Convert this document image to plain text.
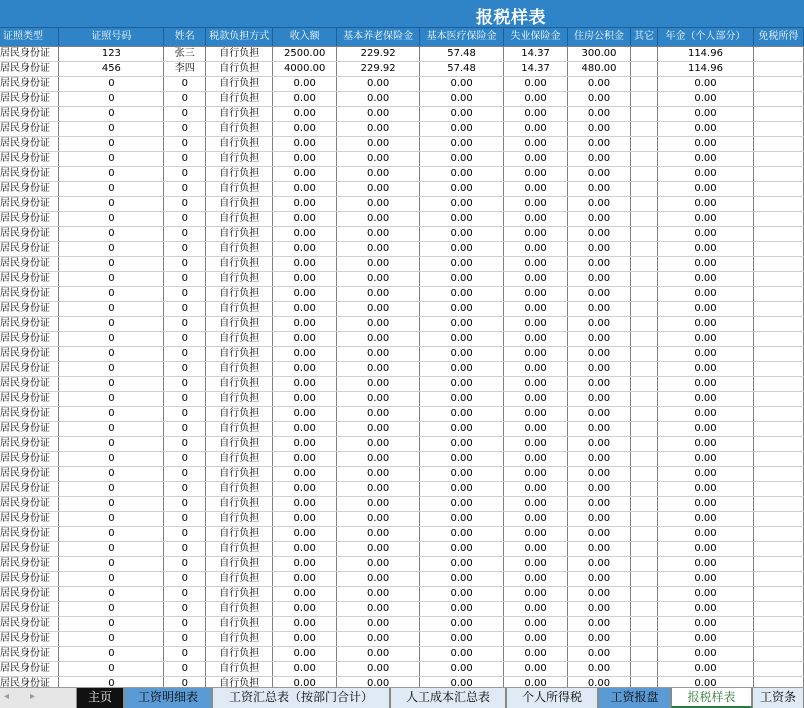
报税样表
证照类型	证照号码	姓名	税款负担方式	收入额	基本养老保险金	基本医疗保险金	失业保险金	住房公积金	其它	年金（个人部分）	免税所得
居民身份证	123	张三	自行负担	2500.00	229.92	57.48	14.37	300.00		114.96	
居民身份证	456	李四	自行负担	4000.00	229.92	57.48	14.37	480.00		114.96	
居民身份证	0	0	自行负担	0.00	0.00	0.00	0.00	0.00		0.00	
居民身份证	0	0	自行负担	0.00	0.00	0.00	0.00	0.00		0.00	
居民身份证	0	0	自行负担	0.00	0.00	0.00	0.00	0.00		0.00	
居民身份证	0	0	自行负担	0.00	0.00	0.00	0.00	0.00		0.00	
居民身份证	0	0	自行负担	0.00	0.00	0.00	0.00	0.00		0.00	
居民身份证	0	0	自行负担	0.00	0.00	0.00	0.00	0.00		0.00	
居民身份证	0	0	自行负担	0.00	0.00	0.00	0.00	0.00		0.00	
居民身份证	0	0	自行负担	0.00	0.00	0.00	0.00	0.00		0.00	
居民身份证	0	0	自行负担	0.00	0.00	0.00	0.00	0.00		0.00	
居民身份证	0	0	自行负担	0.00	0.00	0.00	0.00	0.00		0.00	
居民身份证	0	0	自行负担	0.00	0.00	0.00	0.00	0.00		0.00	
居民身份证	0	0	自行负担	0.00	0.00	0.00	0.00	0.00		0.00	
居民身份证	0	0	自行负担	0.00	0.00	0.00	0.00	0.00		0.00	
居民身份证	0	0	自行负担	0.00	0.00	0.00	0.00	0.00		0.00	
居民身份证	0	0	自行负担	0.00	0.00	0.00	0.00	0.00		0.00	
居民身份证	0	0	自行负担	0.00	0.00	0.00	0.00	0.00		0.00	
居民身份证	0	0	自行负担	0.00	0.00	0.00	0.00	0.00		0.00	
居民身份证	0	0	自行负担	0.00	0.00	0.00	0.00	0.00		0.00	
居民身份证	0	0	自行负担	0.00	0.00	0.00	0.00	0.00		0.00	
居民身份证	0	0	自行负担	0.00	0.00	0.00	0.00	0.00		0.00	
居民身份证	0	0	自行负担	0.00	0.00	0.00	0.00	0.00		0.00	
居民身份证	0	0	自行负担	0.00	0.00	0.00	0.00	0.00		0.00	
居民身份证	0	0	自行负担	0.00	0.00	0.00	0.00	0.00		0.00	
居民身份证	0	0	自行负担	0.00	0.00	0.00	0.00	0.00		0.00	
居民身份证	0	0	自行负担	0.00	0.00	0.00	0.00	0.00		0.00	
居民身份证	0	0	自行负担	0.00	0.00	0.00	0.00	0.00		0.00	
居民身份证	0	0	自行负担	0.00	0.00	0.00	0.00	0.00		0.00	
居民身份证	0	0	自行负担	0.00	0.00	0.00	0.00	0.00		0.00	
居民身份证	0	0	自行负担	0.00	0.00	0.00	0.00	0.00		0.00	
居民身份证	0	0	自行负担	0.00	0.00	0.00	0.00	0.00		0.00	
居民身份证	0	0	自行负担	0.00	0.00	0.00	0.00	0.00		0.00	
居民身份证	0	0	自行负担	0.00	0.00	0.00	0.00	0.00		0.00	
居民身份证	0	0	自行负担	0.00	0.00	0.00	0.00	0.00		0.00	
居民身份证	0	0	自行负担	0.00	0.00	0.00	0.00	0.00		0.00	
居民身份证	0	0	自行负担	0.00	0.00	0.00	0.00	0.00		0.00	
居民身份证	0	0	自行负担	0.00	0.00	0.00	0.00	0.00		0.00	
居民身份证	0	0	自行负担	0.00	0.00	0.00	0.00	0.00		0.00	
居民身份证	0	0	自行负担	0.00	0.00	0.00	0.00	0.00		0.00	
居民身份证	0	0	自行负担	0.00	0.00	0.00	0.00	0.00		0.00	
居民身份证	0	0	自行负担	0.00	0.00	0.00	0.00	0.00		0.00	
居民身份证	0	0	自行负担	0.00	0.00	0.00	0.00	0.00		0.00	

◂ ▸	主页	工资明细表	工资汇总表（按部门合计）	人工成本汇总表	个人所得税	工资报盘	报税样表	工资条
